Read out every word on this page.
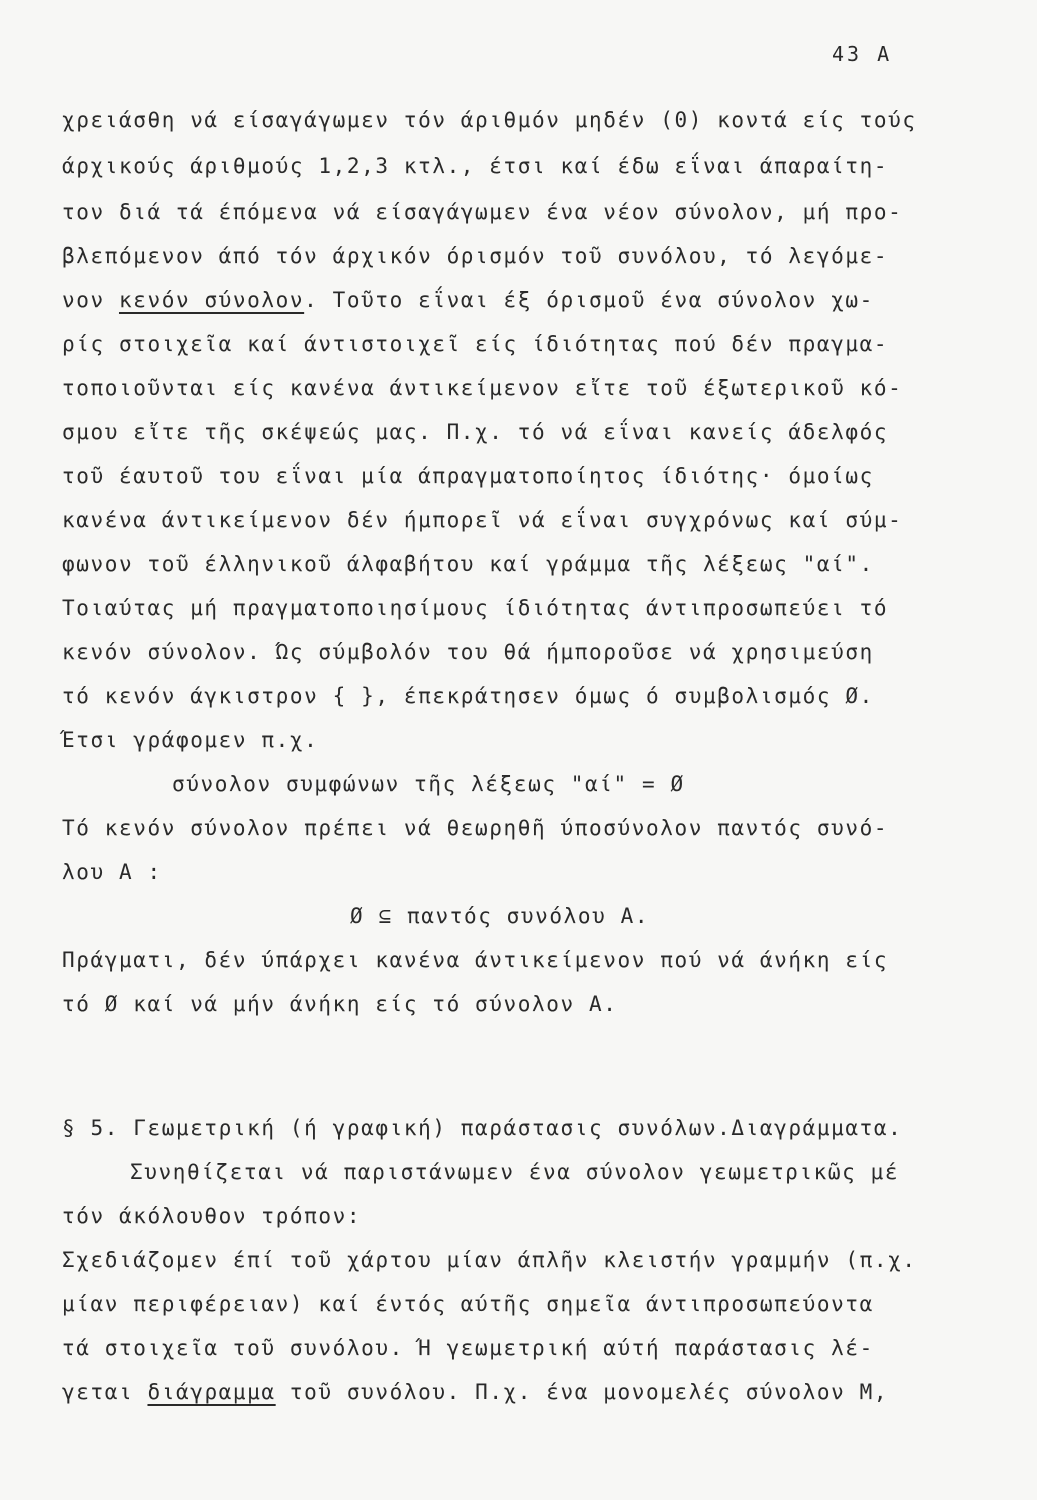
43 A
χρειάσθη νά είσαγάγωμεν τόν άριθμόν μηδέν (0) κοντά είς τούς
άρχικούς άριθμούς 1,2,3 κτλ., έτσι καί έδω εΐναι άπαραίτη-
τον διά τά έπόμενα νά είσαγάγωμεν ένα νέον σύνολον, μή προ-
βλεπόμενον άπό τόν άρχικόν όρισμόν τοῦ συνόλου, τό λεγόμε-
νον κενόν σύνολον. Τοῦτο εΐναι έξ όρισμοῦ ένα σύνολον χω-
ρίς στοιχεῖα καί άντιστοιχεῖ είς ίδιότητας πού δέν πραγμα-
τοποιοῦνται είς κανένα άντικείμενον εἴτε τοῦ έξωτερικοῦ κό-
σμου εἴτε τῆς σκέψεώς μας. Π.χ. τό νά εΐναι κανείς άδελφός
τοῦ έαυτοῦ του εΐναι μία άπραγματοποίητος ίδιότης· όμοίως
κανένα άντικείμενον δέν ήμπορεῖ νά εΐναι συγχρόνως καί σύμ-
φωνον τοῦ έλληνικοῦ άλφαβήτου καί γράμμα τῆς λέξεως "αί".
Τοιαύτας μή πραγματοποιησίμους ίδιότητας άντιπροσωπεύει τό
κενόν σύνολον. Ώς σύμβολόν του θά ήμποροῦσε νά χρησιμεύση
τό κενόν άγκιστρον { }, έπεκράτησεν όμως ό συμβολισμός Ø.
Έτσι γράφομεν π.χ.
σύνολον συμφώνων τῆς λέξεως "αί" = Ø
Τό κενόν σύνολον πρέπει νά θεωρηθῆ ύποσύνολον παντός συνό-
λου Α :
Ø ⊆ παντός συνόλου Α.
Πράγματι, δέν ύπάρχει κανένα άντικείμενον πού νά άνήκη είς
τό Ø καί νά μήν άνήκη είς τό σύνολον Α.
§ 5. Γεωμετρική (ή γραφική) παράστασις συνόλων.Διαγράμματα.
Συνηθίζεται νά παριστάνωμεν ένα σύνολον γεωμετρικῶς μέ
τόν άκόλουθον τρόπον:
Σχεδιάζομεν έπί τοῦ χάρτου μίαν άπλῆν κλειστήν γραμμήν (π.χ.
μίαν περιφέρειαν) καί έντός αύτῆς σημεῖα άντιπροσωπεύοντα
τά στοιχεῖα τοῦ συνόλου. Ή γεωμετρική αύτή παράστασις λέ-
γεται διάγραμμα τοῦ συνόλου. Π.χ. ένα μονομελές σύνολον Μ,
